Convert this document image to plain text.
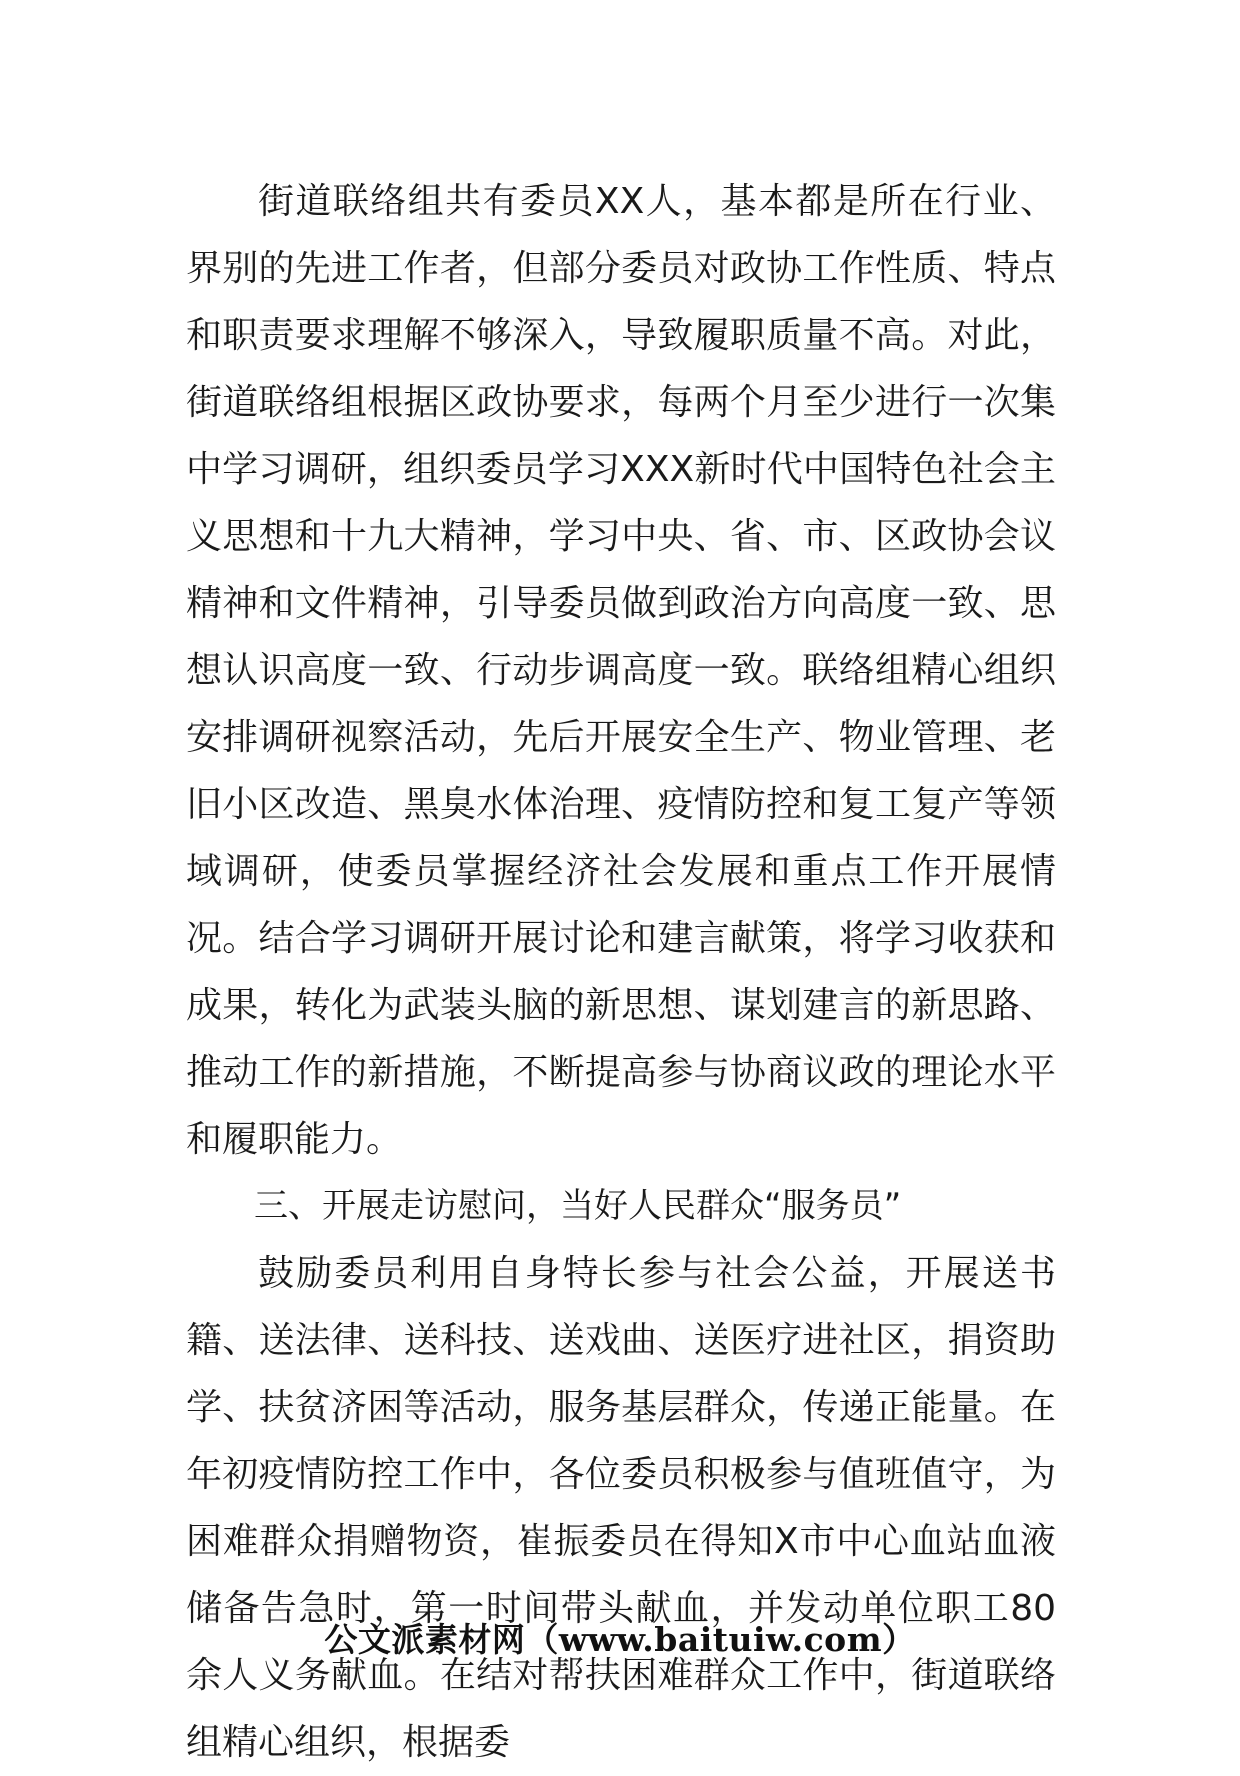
街道联络组共有委员XX人，基本都是所在行业、界别的先进工作者，但部分委员对政协工作性质、特点和职责要求理解不够深入，导致履职质量不高。对此，街道联络组根据区政协要求，每两个月至少进行一次集中学习调研，组织委员学习XXX新时代中国特色社会主义思想和十九大精神，学习中央、省、市、区政协会议精神和文件精神，引导委员做到政治方向高度一致、思想认识高度一致、行动步调高度一致。联络组精心组织安排调研视察活动，先后开展安全生产、物业管理、老旧小区改造、黑臭水体治理、疫情防控和复工复产等领域调研，使委员掌握经济社会发展和重点工作开展情况。结合学习调研开展讨论和建言献策，将学习收获和成果，转化为武装头脑的新思想、谋划建言的新思路、推动工作的新措施，不断提高参与协商议政的理论水平和履职能力。

三、开展走访慰问，当好人民群众“服务员”

鼓励委员利用自身特长参与社会公益，开展送书籍、送法律、送科技、送戏曲、送医疗进社区，捐资助学、扶贫济困等活动，服务基层群众，传递正能量。在年初疫情防控工作中，各位委员积极参与值班值守，为困难群众捐赠物资，崔振委员在得知X市中心血站血液储备告急时，第一时间带头献血，并发动单位职工80余人义务献血。在结对帮扶困难群众工作中，街道联络组精心组织，根据委

公文派素材网（www.baituiw.com）
